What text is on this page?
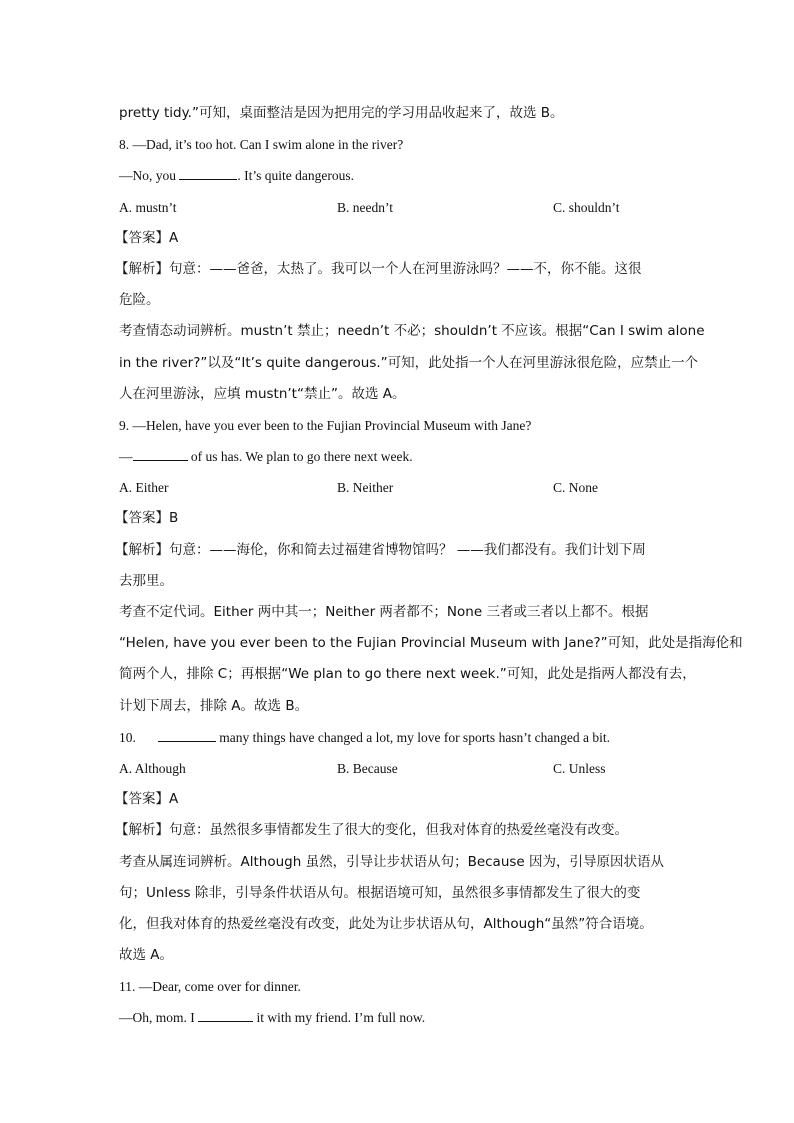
pretty tidy.”可知，桌面整洁是因为把用完的学习用品收起来了，故选 B。
8. —Dad, it’s too hot. Can I swim alone in the river?
—No, you	. It’s quite dangerous.
A. mustn’t	B. needn’t	C. shouldn’t
【答案】A
【解析】句意：——爸爸，太热了。我可以一个人在河里游泳吗？——不，你不能。这很
危险。
考查情态动词辨析。mustn’t 禁止；needn’t 不必；shouldn’t 不应该。根据“Can I swim alone
in the river?”以及“It’s quite dangerous.”可知，此处指一个人在河里游泳很危险，应禁止一个
人在河里游泳，应填 mustn’t“禁止”。故选 A。
9. —Helen, have you ever been to the Fujian Provincial Museum with Jane?
—	of us has. We plan to go there next week.
A. Either	B. Neither	C. None
【答案】B
【解析】句意：——海伦，你和简去过福建省博物馆吗？ ——我们都没有。我们计划下周
去那里。
考查不定代词。Either 两中其一；Neither 两者都不；None 三者或三者以上都不。根据
“Helen, have you ever been to the Fujian Provincial Museum with Jane?”可知，此处是指海伦和
简两个人，排除 C；再根据“We plan to go there next week.”可知，此处是指两人都没有去，
计划下周去，排除 A。故选 B。
10.	many things have changed a lot, my love for sports hasn’t changed a bit.
A. Although	B. Because	C. Unless
【答案】A
【解析】句意：虽然很多事情都发生了很大的变化，但我对体育的热爱丝毫没有改变。
考查从属连词辨析。Although 虽然，引导让步状语从句；Because 因为，引导原因状语从
句；Unless 除非，引导条件状语从句。根据语境可知，虽然很多事情都发生了很大的变
化，但我对体育的热爱丝毫没有改变，此处为让步状语从句，Although“虽然”符合语境。
故选 A。
11. —Dear, come over for dinner.
—Oh, mom. I	it with my friend. I’m full now.
